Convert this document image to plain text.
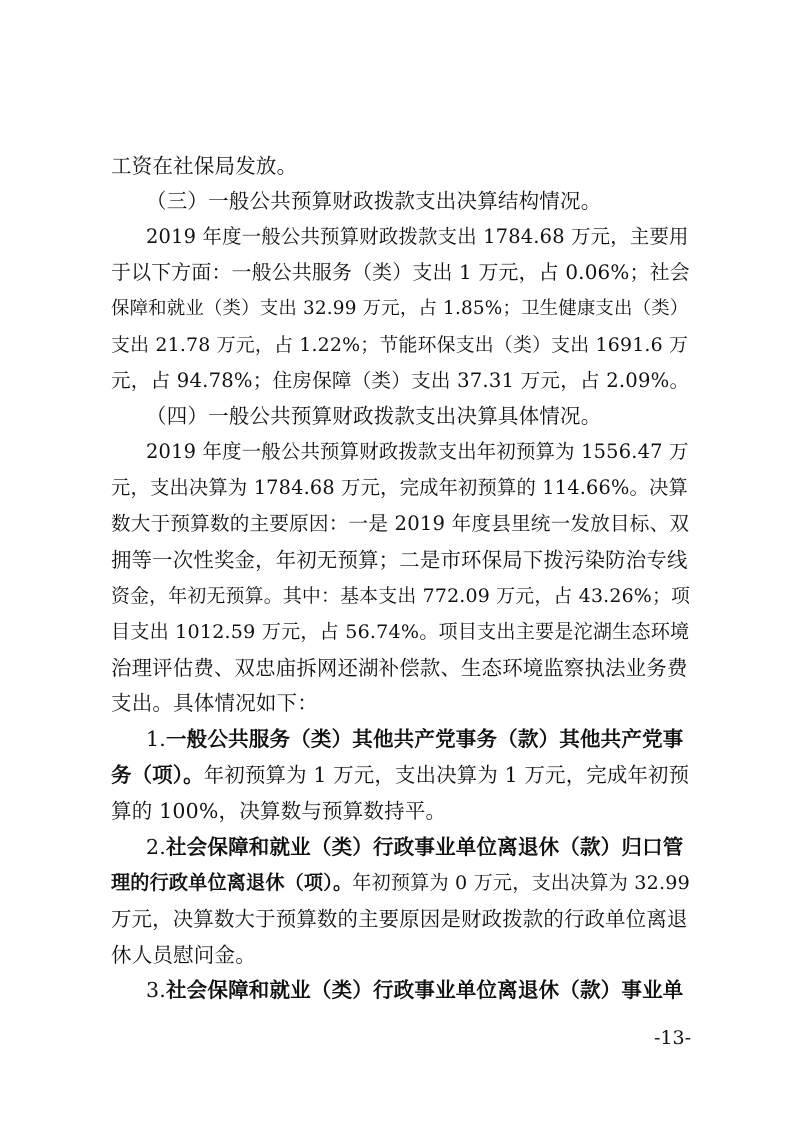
工资在社保局发放。
（三）一般公共预算财政拨款支出决算结构情况。
2019 年度一般公共预算财政拨款支出 1784.68 万元，主要用
于以下方面：一般公共服务（类）支出 1 万元，占 0.06%；社会
保障和就业（类）支出 32.99 万元，占 1.85%；卫生健康支出（类）
支出 21.78 万元，占 1.22%；节能环保支出（类）支出 1691.6 万
元，占 94.78%；住房保障（类）支出 37.31 万元，占 2.09%。
（四）一般公共预算财政拨款支出决算具体情况。
2019 年度一般公共预算财政拨款支出年初预算为 1556.47 万
元，支出决算为 1784.68 万元，完成年初预算的 114.66%。决算
数大于预算数的主要原因：一是 2019 年度县里统一发放目标、双
拥等一次性奖金，年初无预算；二是市环保局下拨污染防治专线
资金，年初无预算。其中：基本支出 772.09 万元，占 43.26%；项
目支出 1012.59 万元，占 56.74%。项目支出主要是沱湖生态环境
治理评估费、双忠庙拆网还湖补偿款、生态环境监察执法业务费
支出。具体情况如下：
1.一般公共服务（类）其他共产党事务（款）其他共产党事
务（项）。年初预算为 1 万元，支出决算为 1 万元，完成年初预
算的 100%，决算数与预算数持平。
2.社会保障和就业（类）行政事业单位离退休（款）归口管
理的行政单位离退休（项）。年初预算为 0 万元，支出决算为 32.99
万元，决算数大于预算数的主要原因是财政拨款的行政单位离退
休人员慰问金。
3.社会保障和就业（类）行政事业单位离退休（款）事业单
-13-
